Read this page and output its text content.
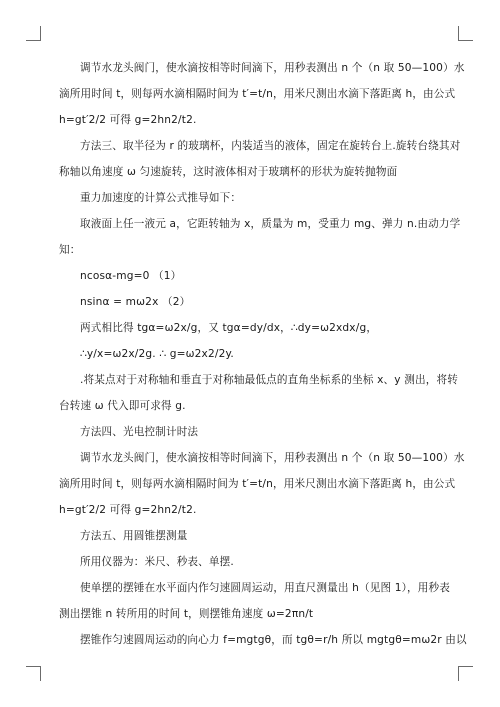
调节水龙头阀门，使水滴按相等时间滴下，用秒表测出 n 个（n 取 50—100）水
滴所用时间 t，则每两水滴相隔时间为 t′=t/n，用米尺测出水滴下落距离 h，由公式
h=gt′2/2 可得 g=2hn2/t2.
方法三、取半径为 r 的玻璃杯，内装适当的液体，固定在旋转台上.旋转台绕其对
称轴以角速度 ω 匀速旋转，这时液体相对于玻璃杯的形状为旋转抛物面
重力加速度的计算公式推导如下：
取液面上任一液元 a，它距转轴为 x，质量为 m，受重力 mg、弹力 n.由动力学
知：
ncosα-mg=0 （1）
nsinα = mω2x （2）
两式相比得 tgα=ω2x/g，又 tgα=dy/dx，∴dy=ω2xdx/g，
∴y/x=ω2x/2g. ∴ g=ω2x2/2y.
.将某点对于对称轴和垂直于对称轴最低点的直角坐标系的坐标 x、y 测出，将转
台转速 ω 代入即可求得 g.
方法四、光电控制计时法
调节水龙头阀门，使水滴按相等时间滴下，用秒表测出 n 个（n 取 50—100）水
滴所用时间 t，则每两水滴相隔时间为 t′=t/n，用米尺测出水滴下落距离 h，由公式
h=gt′2/2 可得 g=2hn2/t2.
方法五、用圆锥摆测量
所用仪器为：米尺、秒表、单摆.
使单摆的摆锤在水平面内作匀速圆周运动，用直尺测量出 h（见图 1），用秒表
测出摆锥 n 转所用的时间 t，则摆锥角速度 ω=2πn/t
摆锥作匀速圆周运动的向心力 f=mgtgθ，而 tgθ=r/h 所以 mgtgθ=mω2r 由以
